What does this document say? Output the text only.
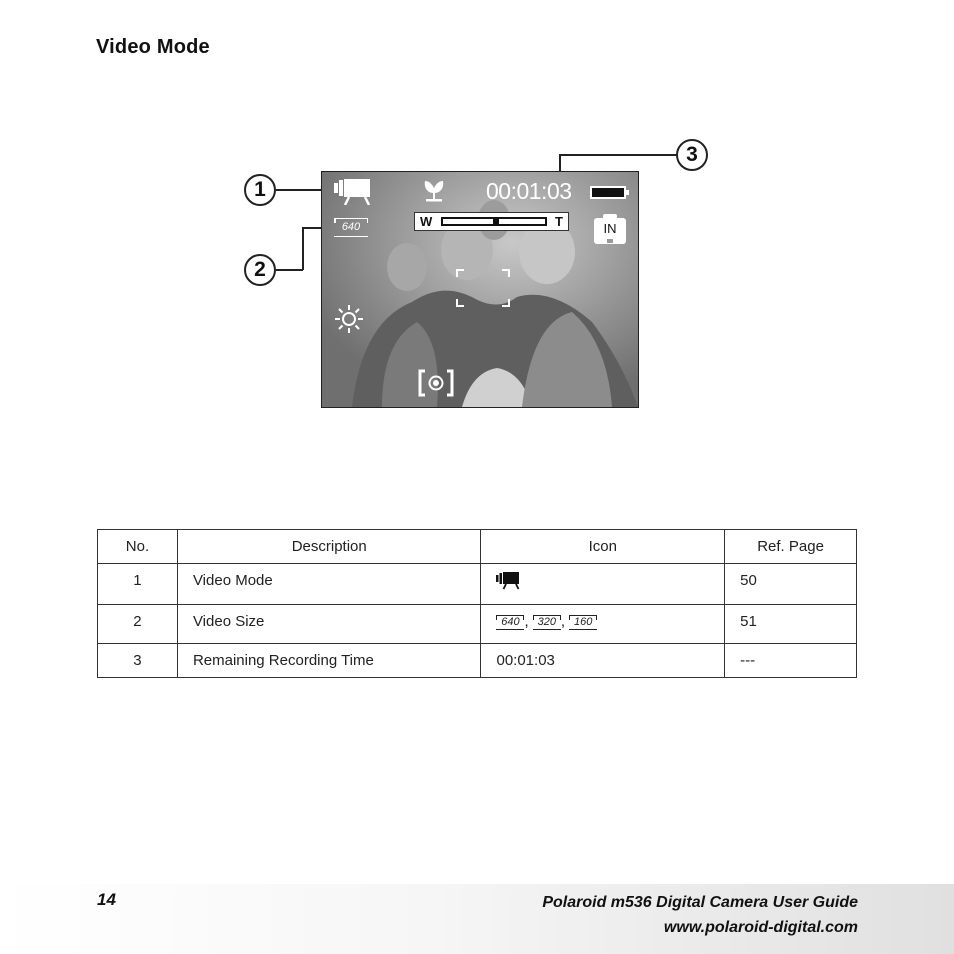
Video Mode
1
2
3
00:01:03
W	T
640	IN
No.	Description	Icon	Ref. Page
1	Video Mode		50
2	Video Size	640 , 320 , 160	51
3	Remaining Recording Time	00:01:03	---
14	Polaroid m536 Digital Camera User Guide
www.polaroid-digital.com
